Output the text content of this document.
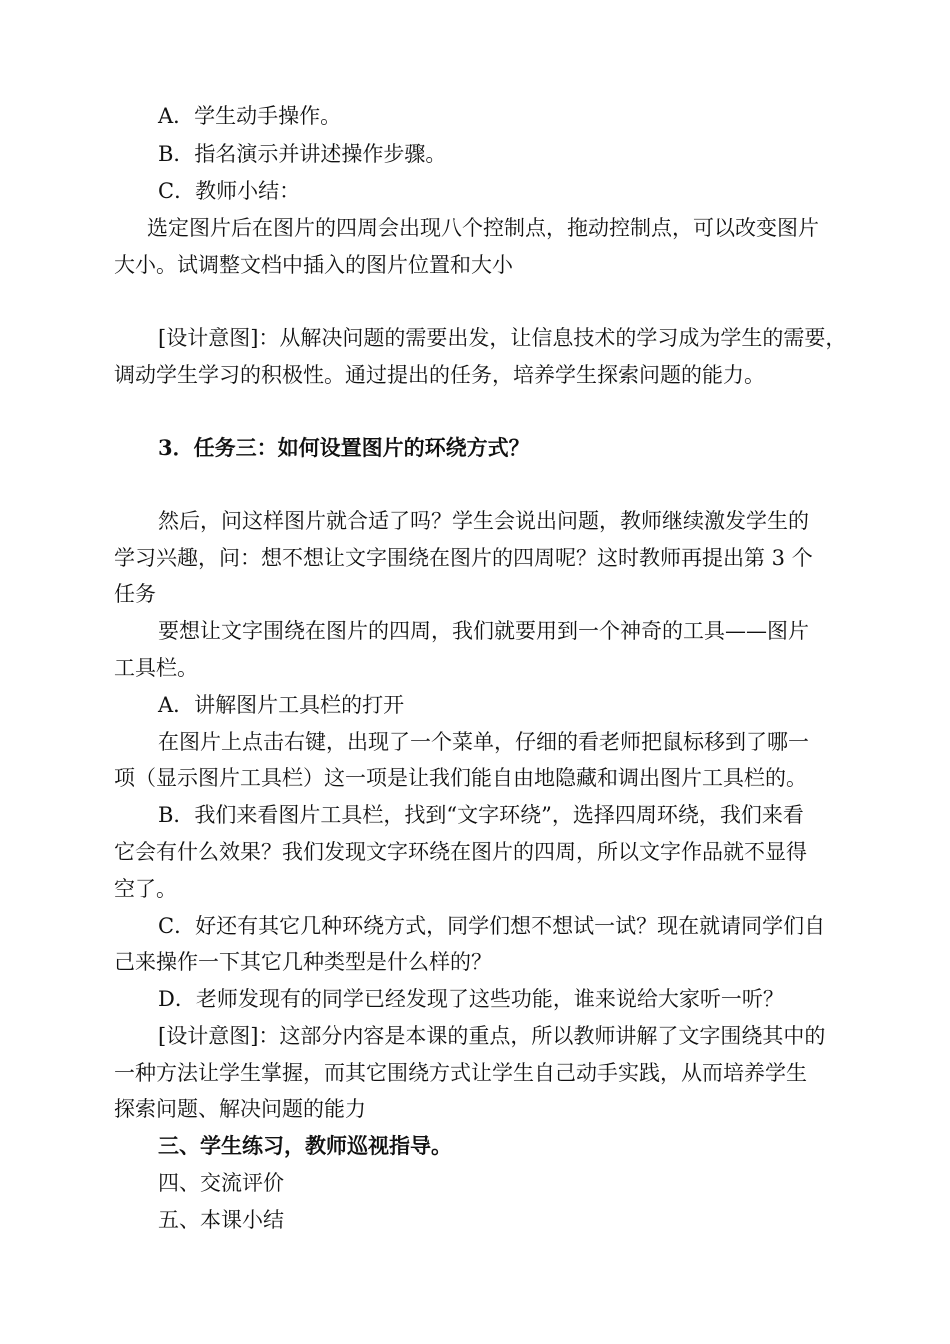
A．学生动手操作。
B．指名演示并讲述操作步骤。
C．教师小结：
选定图片后在图片的四周会出现八个控制点，拖动控制点，可以改变图片
大小。试调整文档中插入的图片位置和大小
[设计意图]：从解决问题的需要出发，让信息技术的学习成为学生的需要，
调动学生学习的积极性。通过提出的任务，培养学生探索问题的能力。
3．任务三：如何设置图片的环绕方式？
然后，问这样图片就合适了吗？学生会说出问题，教师继续激发学生的
学习兴趣，问：想不想让文字围绕在图片的四周呢？这时教师再提出第 3 个
任务
要想让文字围绕在图片的四周，我们就要用到一个神奇的工具——图片
工具栏。
A．讲解图片工具栏的打开
在图片上点击右键，出现了一个菜单，仔细的看老师把鼠标移到了哪一
项（显示图片工具栏）这一项是让我们能自由地隐藏和调出图片工具栏的。
B．我们来看图片工具栏，找到“文字环绕”，选择四周环绕，我们来看
它会有什么效果？我们发现文字环绕在图片的四周，所以文字作品就不显得
空了。
C．好还有其它几种环绕方式，同学们想不想试一试？现在就请同学们自
己来操作一下其它几种类型是什么样的？
D．老师发现有的同学已经发现了这些功能，谁来说给大家听一听？
[设计意图]：这部分内容是本课的重点，所以教师讲解了文字围绕其中的
一种方法让学生掌握，而其它围绕方式让学生自己动手实践，从而培养学生
探索问题、解决问题的能力
三、学生练习，教师巡视指导。
四、交流评价
五、本课小结
